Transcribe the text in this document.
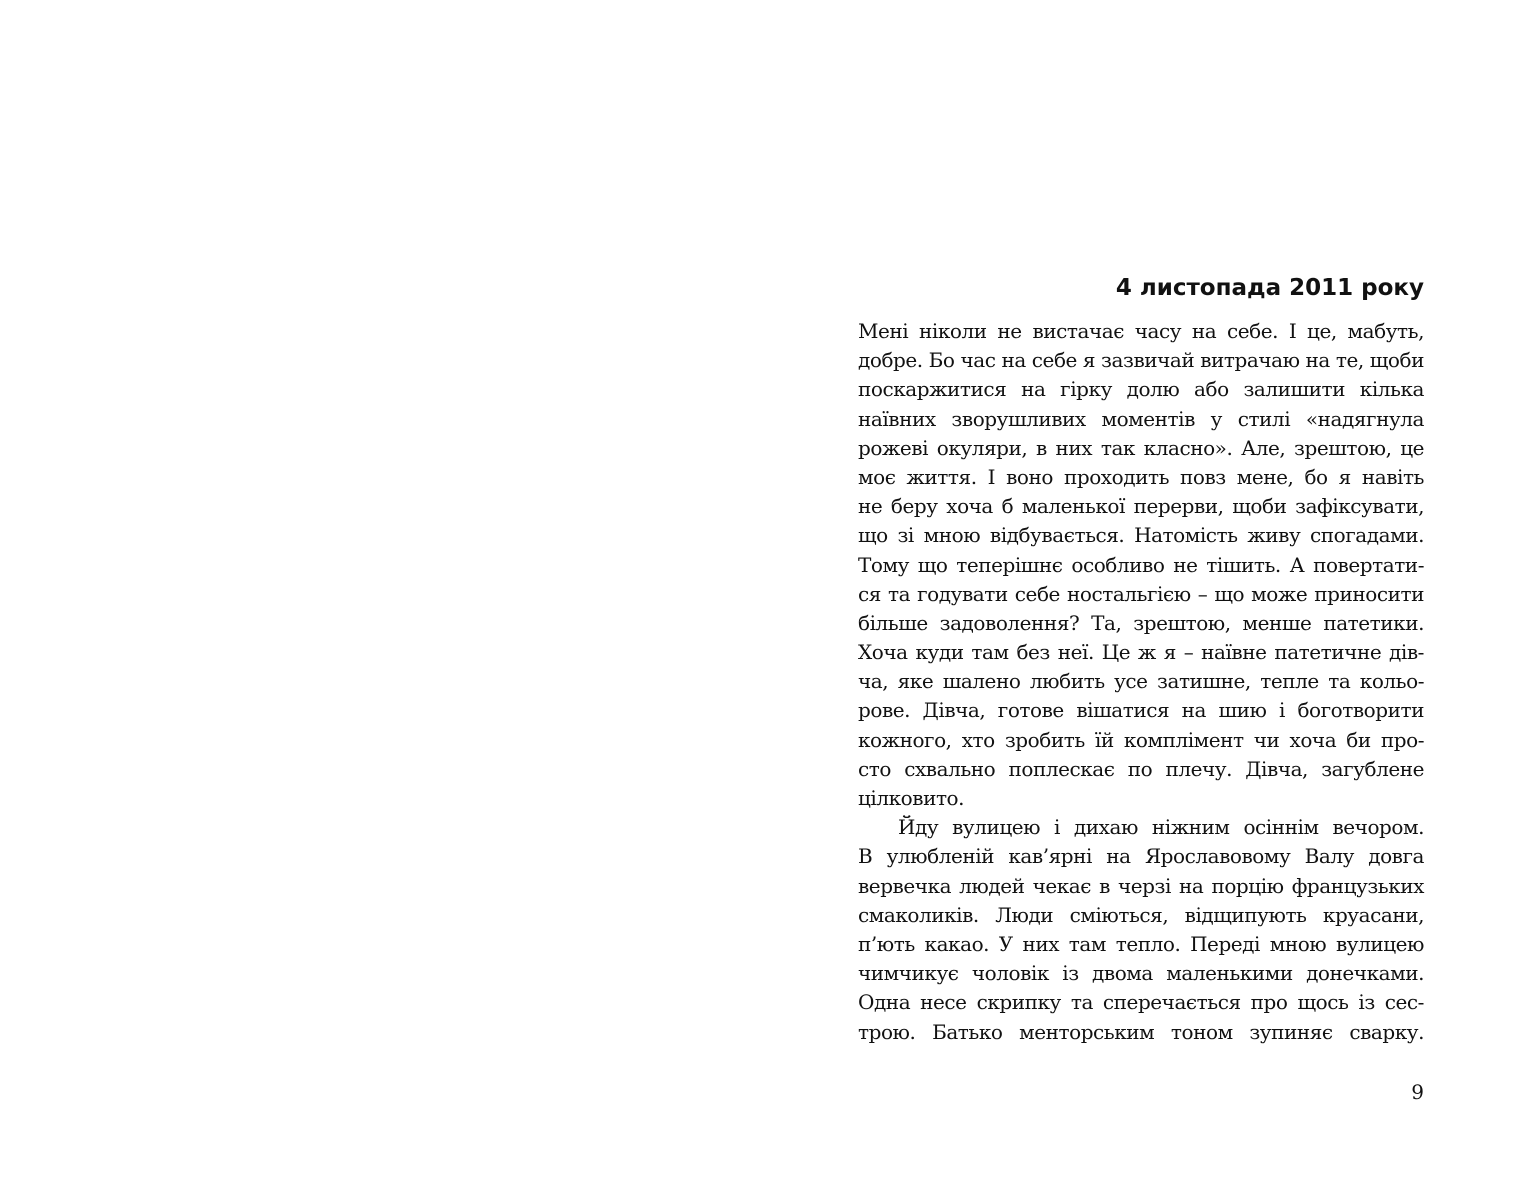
4 листопада 2011 року
Мені ніколи не вистачає часу на себе. І це, мабуть,
добре. Бо час на себе я зазвичай витрачаю на те, щоби
поскаржитися на гірку долю або залишити кілька
наївних зворушливих моментів у стилі «надягнула
рожеві окуляри, в них так класно». Але, зрештою, це
моє життя. І воно проходить повз мене, бо я навіть
не беру хоча б маленької перерви, щоби зафіксувати,
що зі мною відбувається. Натомість живу спогадами.
Тому що теперішнє особливо не тішить. А повертати-
ся та годувати себе ностальгією – що може приносити
більше задоволення? Та, зрештою, менше патетики.
Хоча куди там без неї. Це ж я – наївне патетичне дів-
ча, яке шалено любить усе затишне, тепле та кольо-
рове. Дівча, готове вішатися на шию і боготворити
кожного, хто зробить їй комплімент чи хоча би про-
сто схвально поплескає по плечу. Дівча, загублене
цілковито.
Йду вулицею і дихаю ніжним осіннім вечором.
В улюбленій кав’ярні на Ярославовому Валу довга
вервечка людей чекає в черзі на порцію французьких
смаколиків. Люди сміються, відщипують круасани,
п’ють какао. У них там тепло. Переді мною вулицею
чимчикує чоловік із двома маленькими донечками.
Одна несе скрипку та сперечається про щось із сес-
трою. Батько менторським тоном зупиняє сварку.
9
